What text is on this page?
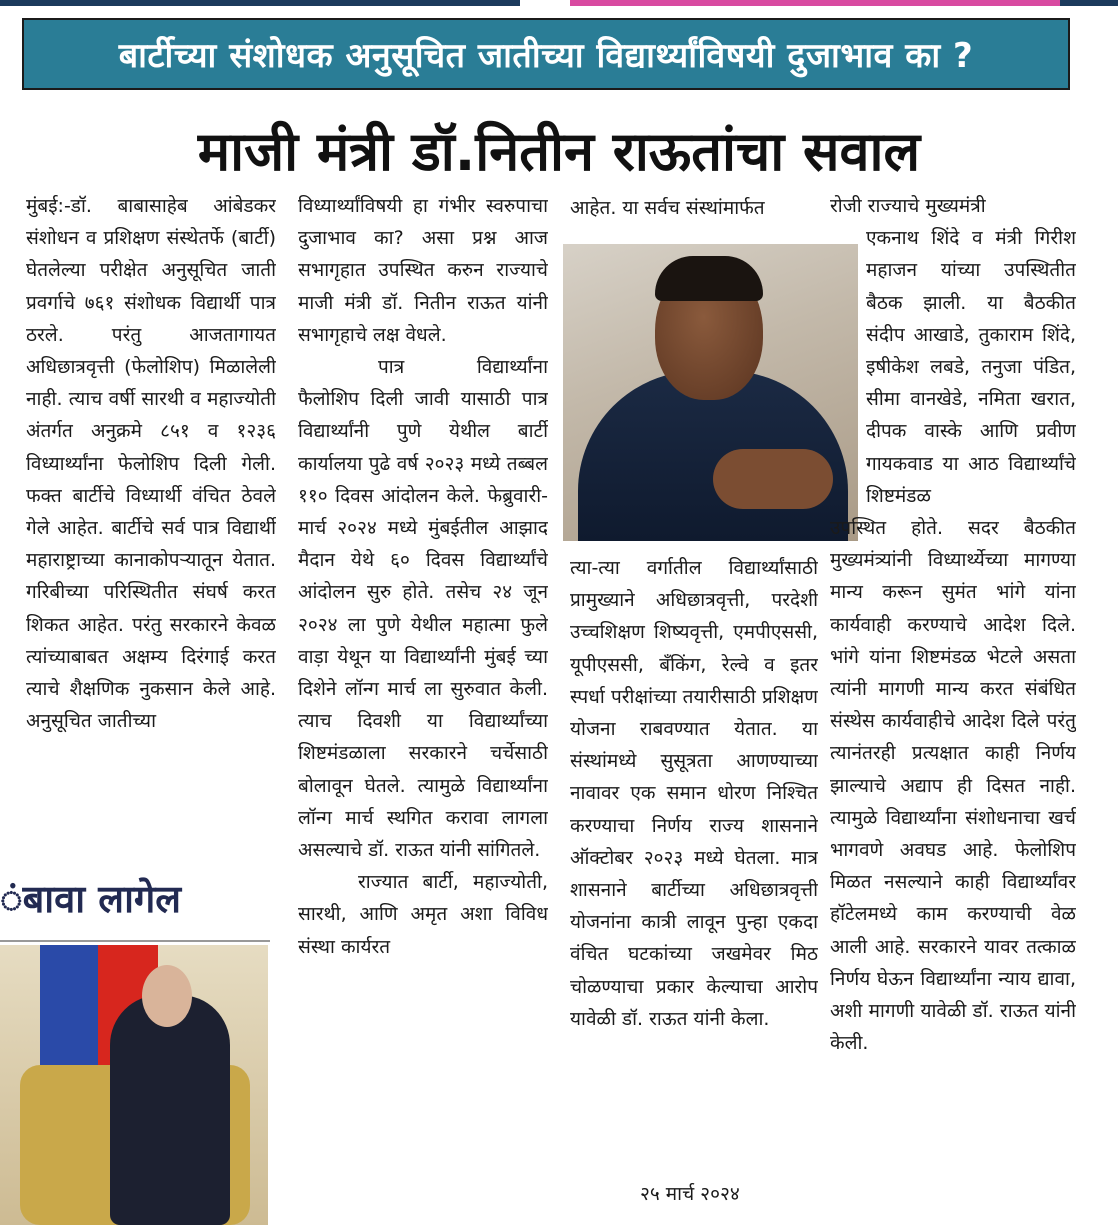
बार्टीच्या संशोधक अनुसूचित जातीच्या विद्यार्थ्यांविषयी दुजाभाव का ?
माजी मंत्री डॉ.नितीन राऊतांचा सवाल

मुंबई:-डॉ. बाबासाहेब आंबेडकर संशोधन व प्रशिक्षण संस्थेतर्फे (बार्टी) घेतलेल्या परीक्षेत अनुसूचित जाती प्रवर्गाचे ७६१ संशोधक विद्यार्थी पात्र ठरले. परंतु आजतागायत अधिछात्रवृत्ती (फेलोशिप) मिळालेली नाही. त्याच वर्षी सारथी व महाज्योती अंतर्गत अनुक्रमे ८५१ व १२३६ विध्यार्थ्यांना फेलोशिप दिली गेली. फक्त बार्टीचे विध्यार्थी वंचित ठेवले गेले आहेत. बार्टीचे सर्व पात्र विद्यार्थी महाराष्ट्राच्या कानाकोपऱ्यातून येतात. गरिबीच्या परिस्थितीत संघर्ष करत शिकत आहेत. परंतु सरकारने केवळ त्यांच्याबाबत अक्षम्य दिरंगाई करत त्याचे शैक्षणिक नुकसान केले आहे. अनुसूचित जातीच्या

ंबावा लागेल

विध्यार्थ्यांविषयी हा गंभीर स्वरुपाचा दुजाभाव का? असा प्रश्न आज सभागृहात उपस्थित करुन राज्याचे माजी मंत्री डॉ. नितीन राऊत यांनी सभागृहाचे लक्ष वेधले.

पात्र विद्यार्थ्यांना फैलोशिप दिली जावी यासाठी पात्र विद्यार्थ्यांनी पुणे येथील बार्टी कार्यालया पुढे वर्ष २०२३ मध्ये तब्बल ११० दिवस आंदोलन केले. फेब्रुवारी-मार्च २०२४ मध्ये मुंबईतील आझाद मैदान येथे ६० दिवस विद्यार्थ्यांचे आंदोलन सुरु होते. तसेच २४ जून २०२४ ला पुणे येथील महात्मा फुले वाड़ा येथून या विद्यार्थ्यांनी मुंबई च्या दिशेने लॉन्ग मार्च ला सुरुवात केली. त्याच दिवशी या विद्यार्थ्यांच्या शिष्टमंडळाला सरकारने चर्चेसाठी बोलावून घेतले. त्यामुळे विद्यार्थ्यांना लॉन्ग मार्च स्थगित करावा लागला असल्याचे डॉ. राऊत यांनी सांगितले.

राज्यात बार्टी, महाज्योती, सारथी, आणि अमृत अशा विविध संस्था कार्यरत

आहेत. या सर्वच संस्थांमार्फत

त्या-त्या वर्गातील विद्यार्थ्यांसाठी प्रामुख्याने अधिछात्रवृत्ती, परदेशी उच्चशिक्षण शिष्यवृत्ती, एमपीएससी, यूपीएससी, बँकिंग, रेल्वे व इतर स्पर्धा परीक्षांच्या तयारीसाठी प्रशिक्षण योजना राबवण्यात येतात. या संस्थांमध्ये सुसूत्रता आणण्याच्या नावावर एक समान धोरण निश्चित करण्याचा निर्णय राज्य शासनाने ऑक्टोबर २०२३ मध्ये घेतला. मात्र शासनाने बार्टीच्या अधिछात्रवृत्ती योजनांना कात्री लावून पुन्हा एकदा वंचित घटकांच्या जखमेवर मिठ चोळण्याचा प्रकार केल्याचा आरोप यावेळी डॉ. राऊत यांनी केला.

रोजी राज्याचे मुख्यमंत्री

एकनाथ शिंदे व मंत्री गिरीश महाजन यांच्या उपस्थितीत बैठक झाली. या बैठकीत संदीप आखाडे, तुकाराम शिंदे, इषीकेश लबडे, तनुजा पंडित, सीमा वानखेडे, नमिता खरात, दीपक वास्के आणि प्रवीण गायकवाड या आठ विद्यार्थ्यांचे शिष्टमंडळ

उपस्थित होते. सदर बैठकीत मुख्यमंत्र्यांनी विध्यार्थ्येच्या मागण्या मान्य करून सुमंत भांगे यांना कार्यवाही करण्याचे आदेश दिले. भांगे यांना शिष्टमंडळ भेटले असता त्यांनी मागणी मान्य करत संबंधित संस्थेस कार्यवाहीचे आदेश दिले परंतु त्यानंतरही प्रत्यक्षात काही निर्णय झाल्याचे अद्याप ही दिसत नाही. त्यामुळे विद्यार्थ्यांना संशोधनाचा खर्च भागवणे अवघड आहे. फेलोशिप मिळत नसल्याने काही विद्यार्थ्यांवर हॉटेलमध्ये काम करण्याची वेळ आली आहे. सरकारने यावर तत्काळ निर्णय घेऊन विद्यार्थ्यांना न्याय द्यावा, अशी मागणी यावेळी डॉ. राऊत यांनी केली.

२५ मार्च २०२४
